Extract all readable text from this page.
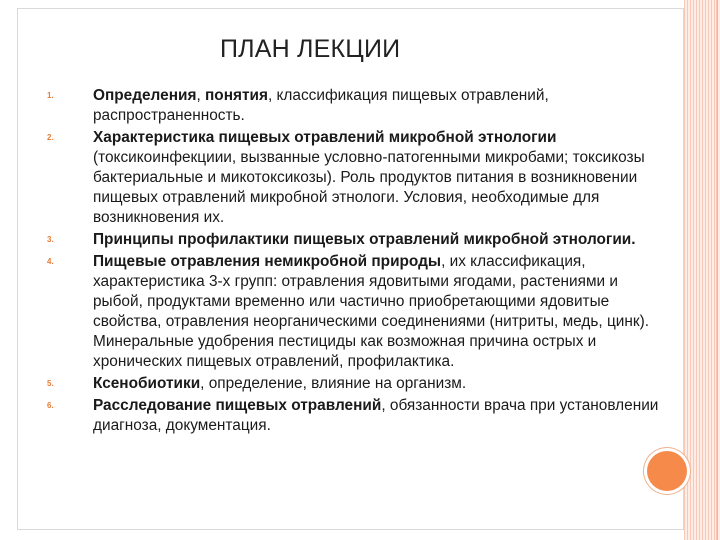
ПЛАН ЛЕКЦИИ
1.	Определения, понятия, классификация пищевых отравлений, распространенность.
2.	Характеристика пищевых отравлений микробной этнологии (токсикоинфекциии, вызванные условно-патогенными микробами; токсикозы бактериальные и микотоксикозы). Роль продуктов питания в возникновении пищевых отравлений микробной этнологи. Условия, необходимые для возникновения их.
3.	Принципы профилактики пищевых отравлений микробной этнологии.
4.	Пищевые отравления немикробной природы, их классификация, характеристика 3-х групп: отравления ядовитыми ягодами, растениями и рыбой, продуктами временно или частично приобретающими ядовитые свойства, отравления неорганическими соединениями (нитриты, медь, цинк). Минеральные удобрения пестициды как возможная причина острых и хронических пищевых отравлений, профилактика.
5.	Ксенобиотики, определение, влияние на организм.
6.	Расследование пищевых отравлений, обязанности врача при установлении диагноза, документация.
